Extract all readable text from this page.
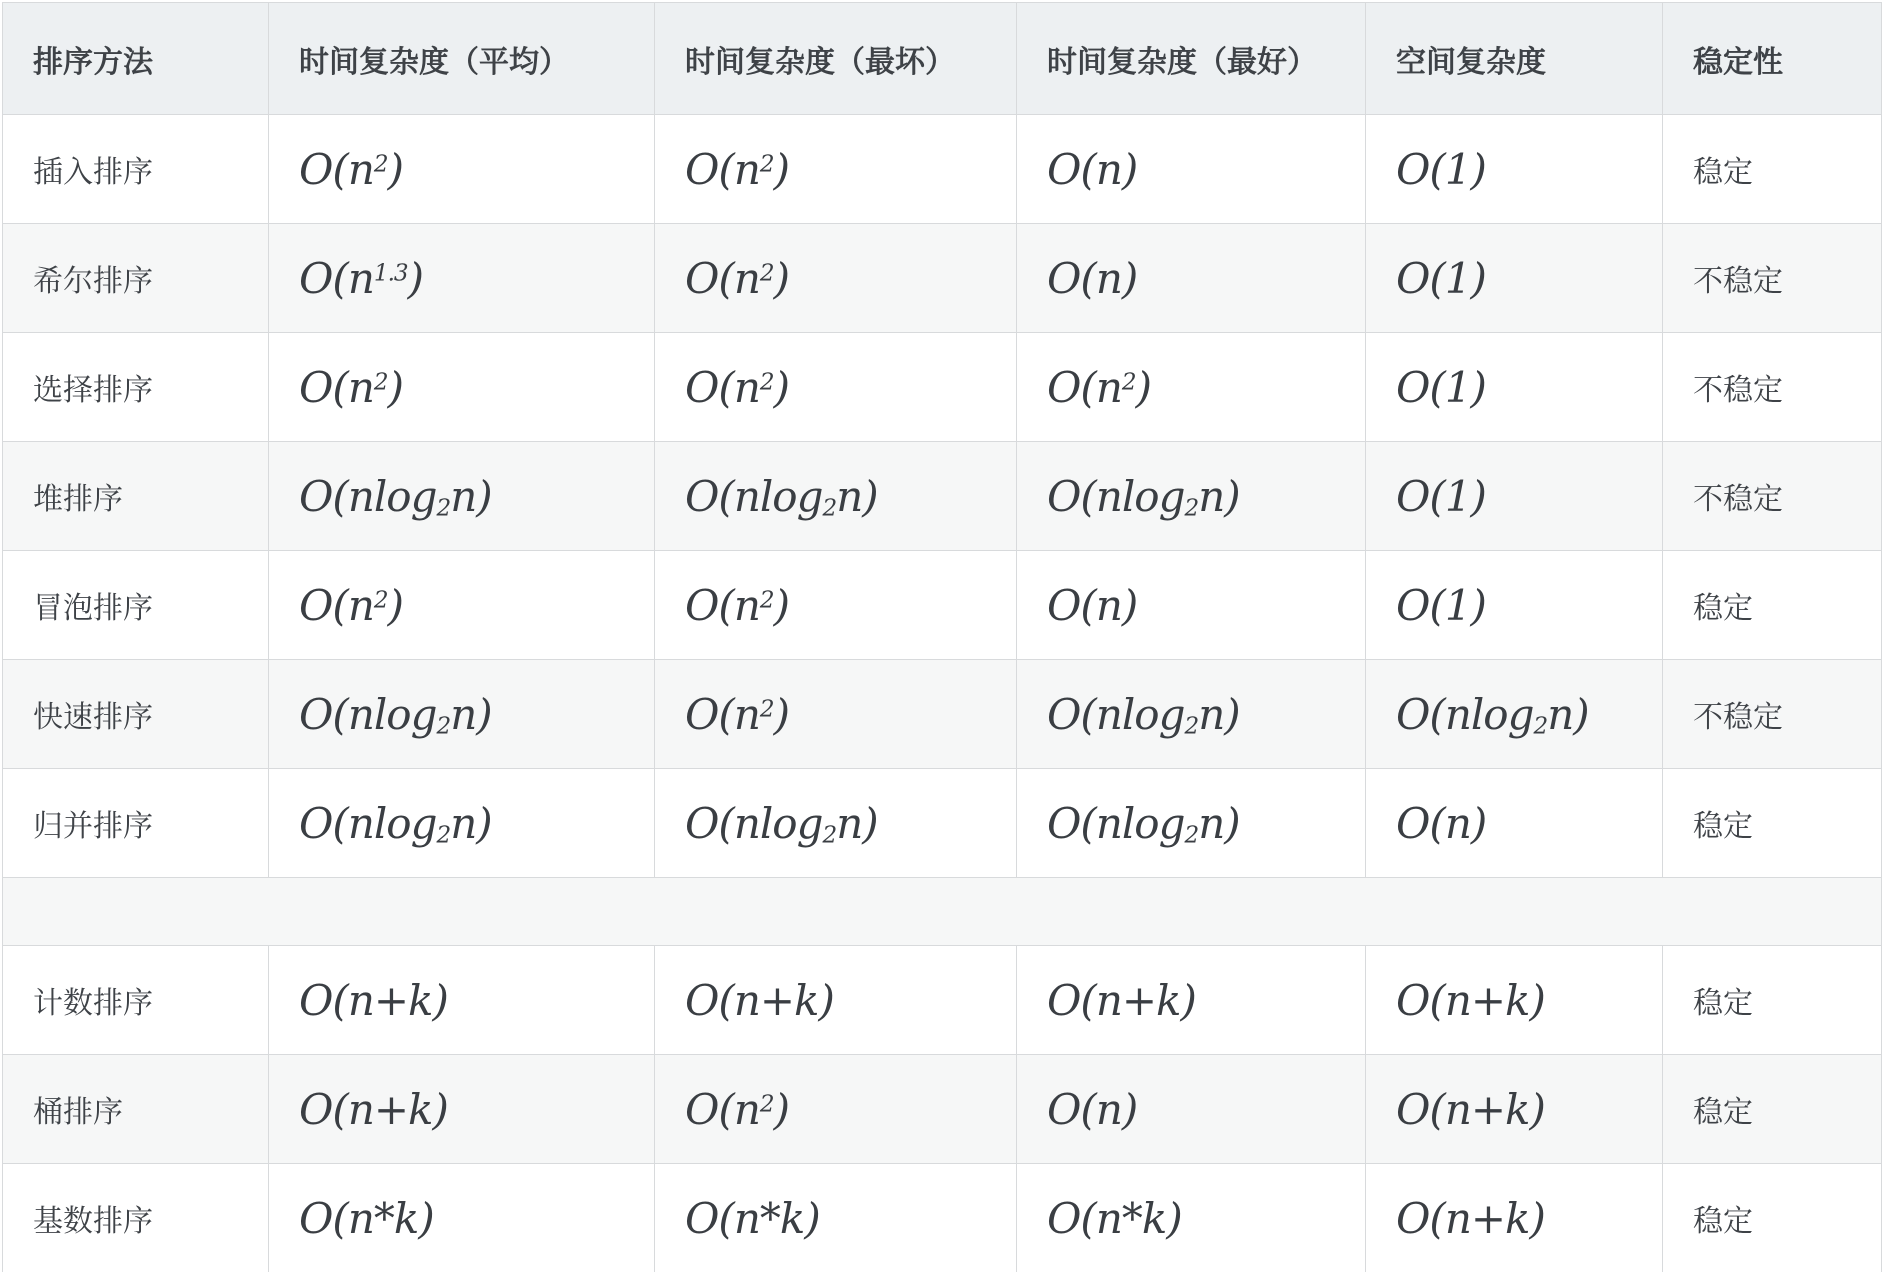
排序方法	时间复杂度（平均）	时间复杂度（最坏）	时间复杂度（最好）	空间复杂度	稳定性
插入排序	$O(n^2)$	$O(n^2)$	O(n)	O(1)	稳定
希尔排序	$O(n^{1.3})$	$O(n^2)$	O(n)	O(1)	不稳定
选择排序	$O(n^2)$	$O(n^2)$	$O(n^2)$	O(1)	不稳定
堆排序	O(nlog$_2$n)	O(nlog$_2$n)	O(nlog$_2$n)	O(1)	不稳定
冒泡排序	$O(n^2)$	$O(n^2)$	O(n)	O(1)	稳定
快速排序	O(nlog$_2$n)	$O(n^2)$	O(nlog$_2$n)	O(nlog$_2$n)	不稳定
归并排序	O(nlog$_2$n)	O(nlog$_2$n)	O(nlog$_2$n)	O(n)	稳定

计数排序	O(n+k)	O(n+k)	O(n+k)	O(n+k)	稳定
桶排序	O(n+k)	$O(n^2)$	O(n)	O(n+k)	稳定
基数排序	O(n*k)	O(n*k)	O(n*k)	O(n+k)	稳定
